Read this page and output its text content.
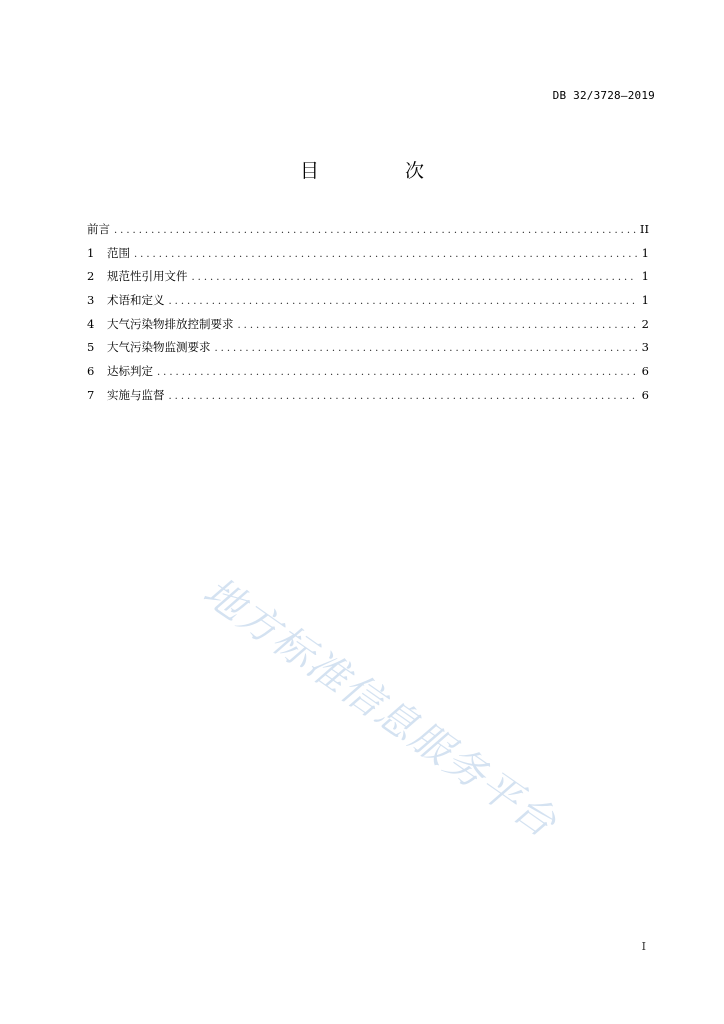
DB 32/3728—2019
目 次
前言 .....	II
1	范围 .....	1
2	规范性引用文件 .....	1
3	术语和定义 .....	1
4	大气污染物排放控制要求 .....	2
5	大气污染物监测要求 .....	3
6	达标判定 .....	6
7	实施与监督 .....	6
地方标准信息服务平台
I
